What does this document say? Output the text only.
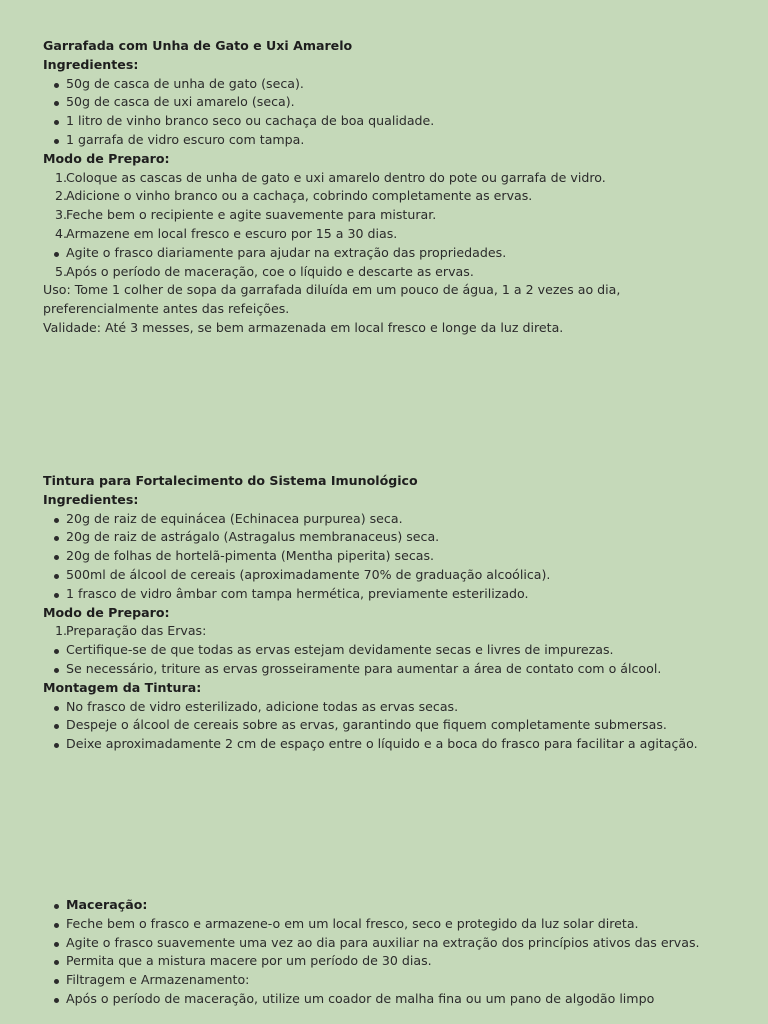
Garrafada com Unha de Gato e Uxi Amarelo
Ingredientes:
50g de casca de unha de gato (seca).
50g de casca de uxi amarelo (seca).
1 litro de vinho branco seco ou cachaça de boa qualidade.
1 garrafa de vidro escuro com tampa.
Modo de Preparo:
1.
Coloque as cascas de unha de gato e uxi amarelo dentro do pote ou garrafa de vidro.
2.
Adicione o vinho branco ou a cachaça, cobrindo completamente as ervas.
3.
Feche bem o recipiente e agite suavemente para misturar.
4.
Armazene em local fresco e escuro por 15 a 30 dias.
Agite o frasco diariamente para ajudar na extração das propriedades.
5.
Após o período de maceração, coe o líquido e descarte as ervas.
Uso: Tome 1 colher de sopa da garrafada diluída em um pouco de água, 1 a 2 vezes ao dia, preferencialmente antes das refeições.
Validade: Até 3 messes, se bem armazenada em local fresco e longe da luz direta.
Tintura para Fortalecimento do Sistema Imunológico
Ingredientes:
20g de raiz de equinácea (Echinacea purpurea) seca.
20g de raiz de astrágalo (Astragalus membranaceus) seca.
20g de folhas de hortelã-pimenta (Mentha piperita) secas.
500ml de álcool de cereais (aproximadamente 70% de graduação alcoólica).
1 frasco de vidro âmbar com tampa hermética, previamente esterilizado.
Modo de Preparo:
1.
Preparação das Ervas:
Certifique-se de que todas as ervas estejam devidamente secas e livres de impurezas.
Se necessário, triture as ervas grosseiramente para aumentar a área de contato com o álcool.
Montagem da Tintura:
No frasco de vidro esterilizado, adicione todas as ervas secas.
Despeje o álcool de cereais sobre as ervas, garantindo que fiquem completamente submersas.
Deixe aproximadamente 2 cm de espaço entre o líquido e a boca do frasco para facilitar a agitação.
Maceração:
Feche bem o frasco e armazene-o em um local fresco, seco e protegido da luz solar direta.
Agite o frasco suavemente uma vez ao dia para auxiliar na extração dos princípios ativos das ervas.
Permita que a mistura macere por um período de 30 dias.
Filtragem e Armazenamento:
Após o período de maceração, utilize um coador de malha fina ou um pano de algodão limpo
